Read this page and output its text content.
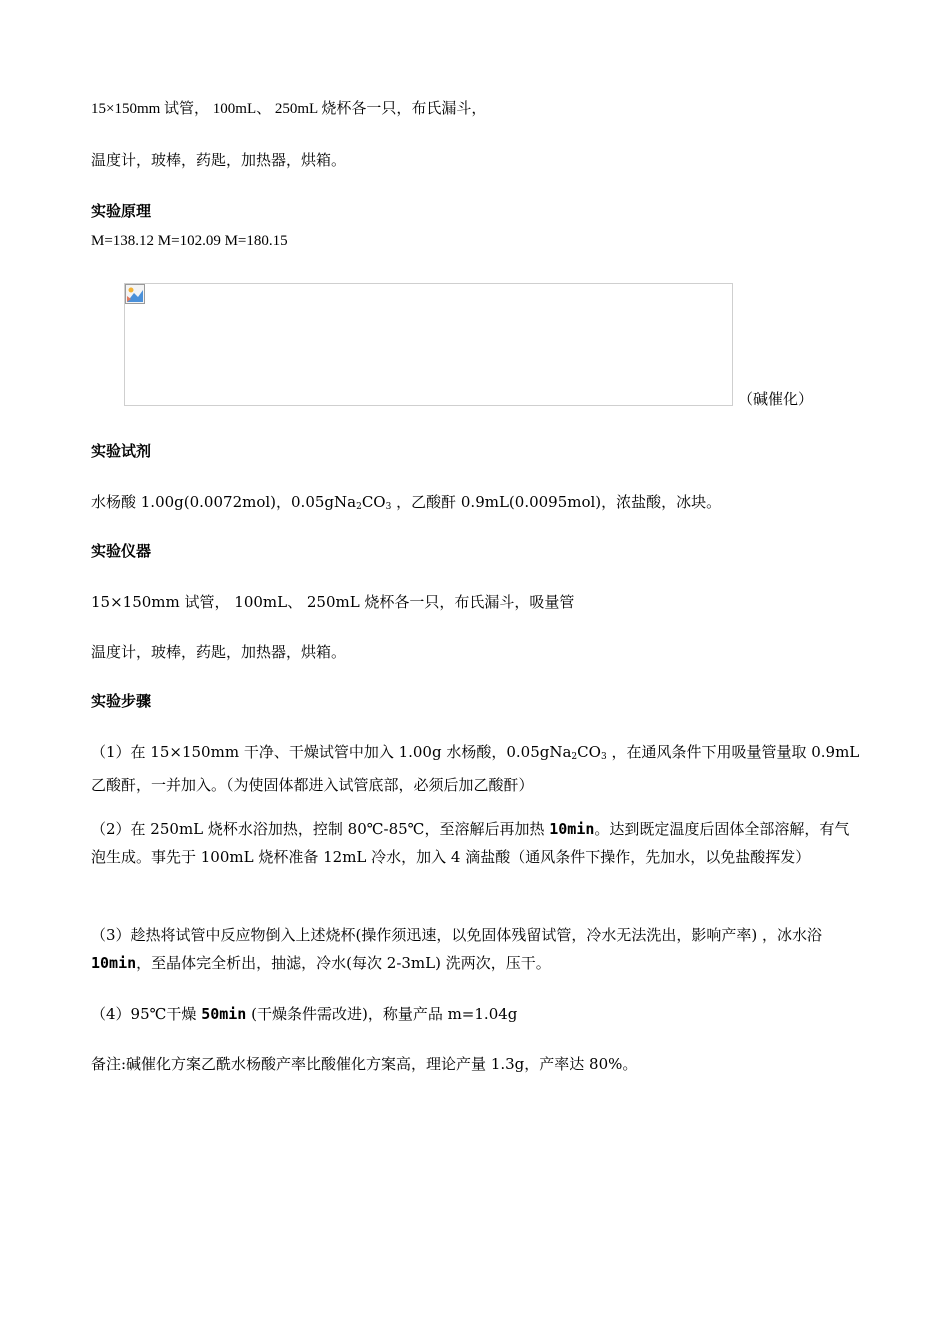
15×150mm 试管， 100mL、 250mL 烧杯各一只，布氏漏斗，
温度计，玻棒，药匙，加热器，烘箱。
实验原理
M=138.12 M=102.09 M=180.15
（碱催化）
实验试剂
水杨酸 1.00g(0.0072mol)，$0.05gNa_2CO_3$ ，乙酸酐 0.9mL(0.0095mol)，浓盐酸，冰块。
实验仪器
15×150mm 试管， 100mL、 250mL 烧杯各一只，布氏漏斗，吸量管
温度计，玻棒，药匙，加热器，烘箱。
实验步骤
（1）在 15×150mm 干净、干燥试管中加入 1.00g 水杨酸，$0.05gNa_2CO_3$ ，在通风条件下用吸量管量取 0.9mL 乙酸酐，一并加入。（为使固体都进入试管底部，必须后加乙酸酐）
（2）在 250mL 烧杯水浴加热，控制 80℃-85℃，至溶解后再加热 10min。达到既定温度后固体全部溶解，有气泡生成。事先于 100mL 烧杯准备 12mL 冷水，加入 4 滴盐酸（通风条件下操作，先加水，以免盐酸挥发）
（3）趁热将试管中反应物倒入上述烧杯(操作须迅速，以免固体残留试管，冷水无法洗出，影响产率) ，冰水浴 10min，至晶体完全析出，抽滤，冷水(每次 2-3mL) 洗两次，压干。
（4）95℃干燥 50min (干燥条件需改进)，称量产品 m=1.04g
备注:碱催化方案乙酰水杨酸产率比酸催化方案高，理论产量 1.3g，产率达 80%。
